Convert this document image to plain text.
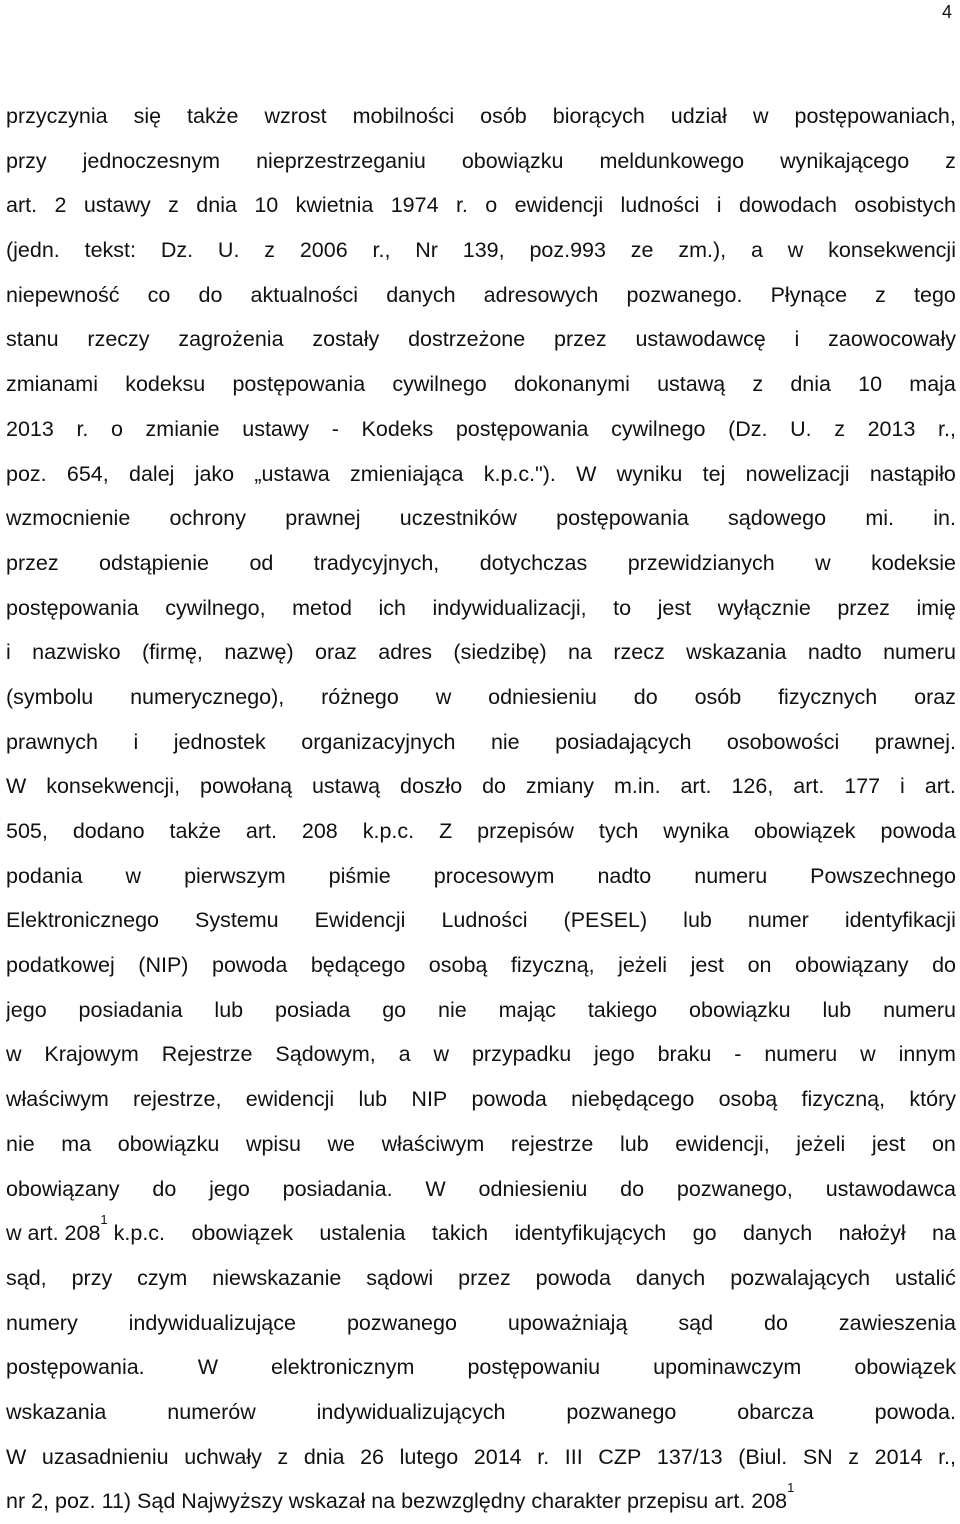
4
przyczynia się także wzrost mobilności osób biorących udział w postępowaniach,
przy jednoczesnym nieprzestrzeganiu obowiązku meldunkowego wynikającego z
art. 2 ustawy z dnia 10 kwietnia 1974 r. o ewidencji ludności i dowodach osobistych
(jedn. tekst: Dz. U. z 2006 r., Nr 139, poz.993 ze zm.), a w konsekwencji
niepewność co do aktualności danych adresowych pozwanego. Płynące z tego
stanu rzeczy zagrożenia zostały dostrzeżone przez ustawodawcę i zaowocowały
zmianami kodeksu postępowania cywilnego dokonanymi ustawą z dnia 10 maja
2013 r. o zmianie ustawy - Kodeks postępowania cywilnego (Dz. U. z 2013 r.,
poz. 654, dalej jako „ustawa zmieniająca k.p.c."). W wyniku tej nowelizacji nastąpiło
wzmocnienie ochrony prawnej uczestników postępowania sądowego mi. in.
przez odstąpienie od tradycyjnych, dotychczas przewidzianych w kodeksie
postępowania cywilnego, metod ich indywidualizacji, to jest wyłącznie przez imię
i nazwisko (firmę, nazwę) oraz adres (siedzibę) na rzecz wskazania nadto numeru
(symbolu numerycznego), różnego w odniesieniu do osób fizycznych oraz
prawnych i jednostek organizacyjnych nie posiadających osobowości prawnej.
W konsekwencji, powołaną ustawą doszło do zmiany m.in. art. 126, art. 177 i art.
505, dodano także art. 208 k.p.c. Z przepisów tych wynika obowiązek powoda
podania w pierwszym piśmie procesowym nadto numeru Powszechnego
Elektronicznego Systemu Ewidencji Ludności (PESEL) lub numer identyfikacji
podatkowej (NIP) powoda będącego osobą fizyczną, jeżeli jest on obowiązany do
jego posiadania lub posiada go nie mając takiego obowiązku lub numeru
w Krajowym Rejestrze Sądowym, a w przypadku jego braku - numeru w innym
właściwym rejestrze, ewidencji lub NIP powoda niebędącego osobą fizyczną, który
nie ma obowiązku wpisu we właściwym rejestrze lub ewidencji, jeżeli jest on
obowiązany do jego posiadania. W odniesieniu do pozwanego, ustawodawca
w art. $208^1$
k.p.c. obowiązek ustalenia takich identyfikujących go danych nałożył na
sąd, przy czym niewskazanie sądowi przez powoda danych pozwalających ustalić
numery indywidualizujące pozwanego upoważniają sąd do zawieszenia
postępowania. W elektronicznym postępowaniu upominawczym obowiązek
wskazania	numerów	indywidualizujących	pozwanego	obarcza	powoda.
W uzasadnieniu uchwały z dnia 26 lutego 2014 r. III CZP 137/13 (Biul. SN z 2014 r.,
nr 2, poz. 11) Sąd Najwyższy wskazał na bezwzględny charakter przepisu art. $208^1$
